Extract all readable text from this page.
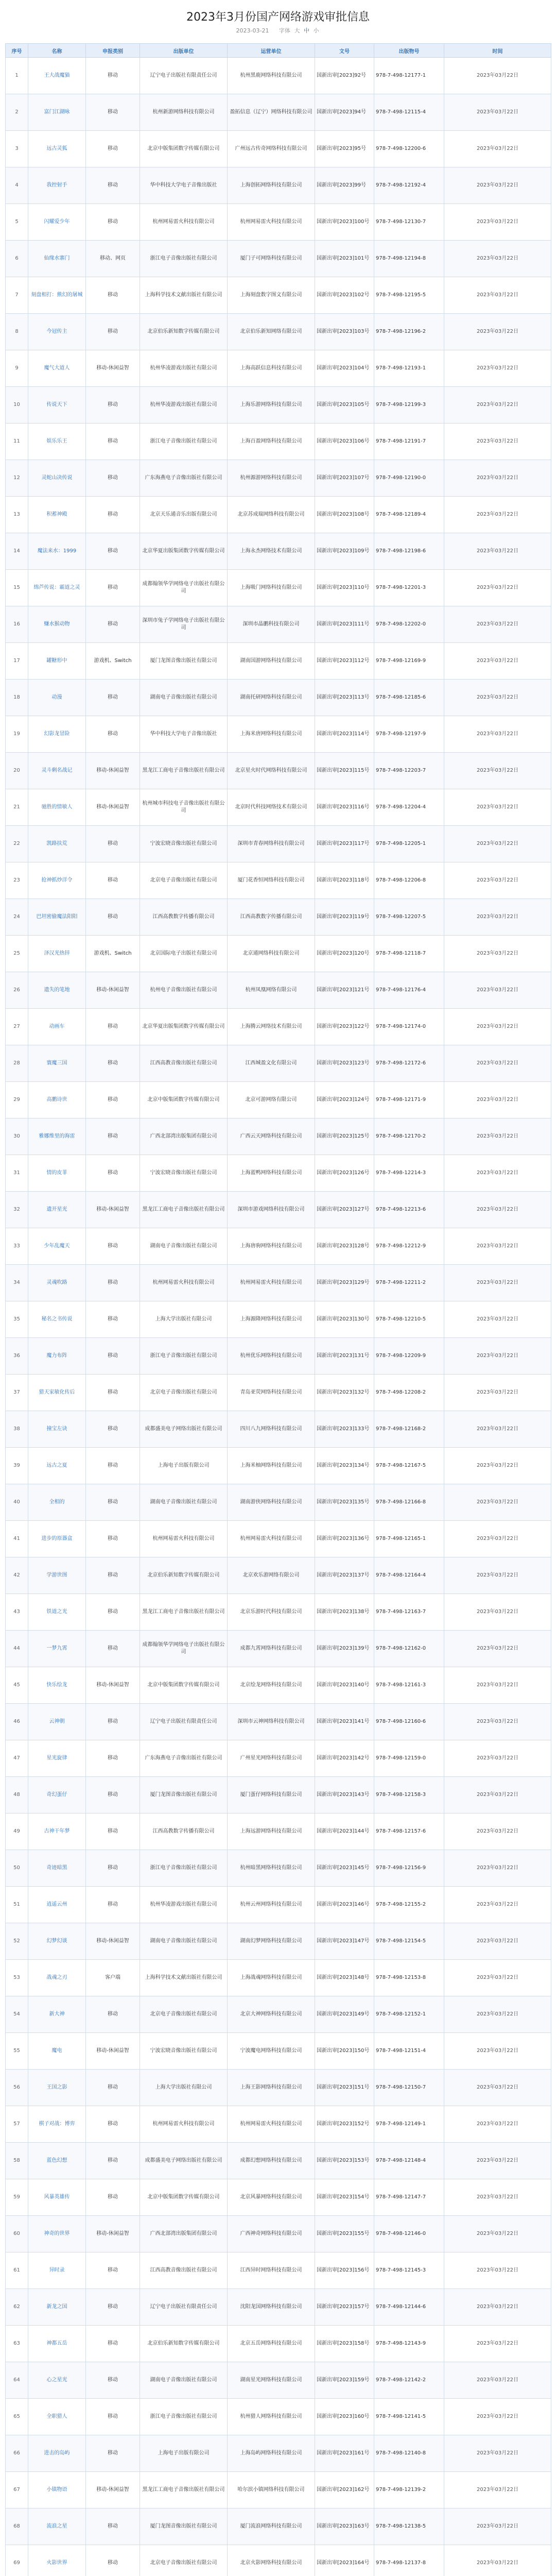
2023年3月份国产网络游戏审批信息
2023-03-21 字体 大 中 小
序号	名称	申报类别	出版单位	运营单位	文号	出版物号	时间
1	王大战魔猫	移动	辽宁电子出版社有限责任公司	杭州黑鹿网络科技有限公司	国新出审[2023]92号	978-7-498-12177-1	2023年03月22日
2	富门江湖咏	移动	杭州新游网络科技有限公司	盈拓信息（辽宁）网络科技有限公司	国新出审[2023]94号	978-7-498-12115-4	2023年03月22日
3	远古灵狐	移动	北京中版集团数字传媒有限公司	广州远古传奇网络科技有限公司	国新出审[2023]95号	978-7-498-12200-6	2023年03月22日
4	我控射手	移动	华中科技大学电子音像出版社	上海创拓网络科技有限公司	国新出审[2023]99号	978-7-498-12192-4	2023年03月22日
5	闪耀爱少年	移动	杭州网易雷火科技有限公司	杭州网易雷火科技有限公司	国新出审[2023]100号	978-7-498-12130-7	2023年03月22日
6	仙缘水寨门	移动、网页	浙江电子音像出版社有限公司	厦门子可网络科技有限公司	国新出审[2023]101号	978-7-498-12194-8	2023年03月22日
7	刻盘相打：熊幻的屠城	移动	上海科学技术文献出版社有限公司	上海刻盘数字图文有限公司	国新出审[2023]102号	978-7-498-12195-5	2023年03月22日
8	今冠传主	移动	北京伯乐新知数字传媒有限公司	北京伯乐新知网络有限公司	国新出审[2023]103号	978-7-498-12196-2	2023年03月22日
9	魔气大道人	移动-休闲益智	杭州华凌游戏出版社有限公司	上海高跃信息科技有限公司	国新出审[2023]104号	978-7-498-12193-1	2023年03月22日
10	传说天下	移动	杭州华凌游戏出版社有限公司	上海乐游网络科技有限公司	国新出审[2023]105号	978-7-498-12199-3	2023年03月22日
11	娱乐乐王	移动	浙江电子音像出版社有限公司	上海百盈网络科技有限公司	国新出审[2023]106号	978-7-498-12191-7	2023年03月22日
12	灵蛇山决传说	移动	广东海燕电子音像出版社有限公司	杭州源游网络科技有限公司	国新出审[2023]107号	978-7-498-12190-0	2023年03月22日
13	积蓄神殿	移动	北京天乐通音乐出版有限公司	北京苏成瑞网络科技有限公司	国新出审[2023]108号	978-7-498-12189-4	2023年03月22日
14	魔法来水：1999	移动	北京华夏出版集团数字传媒有限公司	上海永杰网络技术有限公司	国新出审[2023]109号	978-7-498-12198-6	2023年03月22日
15	绵芦传说：霸道之灵	移动	成都翰领华学网络电子出版社有限公司	上海吸门网络科技有限公司	国新出审[2023]110号	978-7-498-12201-3	2023年03月22日
16	赚水猴动物	移动	深圳市兔子学网络电子出版社有限公司	深圳市晶鹏科技有限公司	国新出审[2023]111号	978-7-498-12202-0	2023年03月22日
17	罐糖形中	游戏机、Switch	厦门龙图音像出版社有限公司	湖南国游网络科技有限公司	国新出审[2023]112号	978-7-498-12169-9	2023年03月22日
18	动漫	移动	湖南电子音像出版社有限公司	湖南托研网络科技有限公司	国新出审[2023]113号	978-7-498-12185-6	2023年03月22日
19	幻影龙冒险	移动	华中科技大学电子音像出版社	上海米唐网络科技有限公司	国新出审[2023]114号	978-7-498-12197-9	2023年03月22日
20	灵斗剩名战记	移动-休闲益智	黑龙江工商电子音像出版社有限公司	北京星火时代网络科技有限公司	国新出审[2023]115号	978-7-498-12203-7	2023年03月22日
21	驰胜的情敏人	移动-休闲益智	杭州城市科技电子音像出版社有限公司	北京时代科技网络技术有限公司	国新出审[2023]116号	978-7-498-12204-4	2023年03月22日
22	凯路扶荒	移动	宁波宏晓音像出版社有限公司	深圳市青春网络科技有限公司	国新出审[2023]117号	978-7-498-12205-1	2023年03月22日
23	抢神抓炒洋令	移动	北京电子音像出版社有限公司	厦门花香恒网络科技有限公司	国新出审[2023]118号	978-7-498-12206-8	2023年03月22日
24	巴坦密偷魔法阳阳	移动	江西高教数字传播有限公司	江西高教数字传播有限公司	国新出审[2023]119号	978-7-498-12207-5	2023年03月22日
25	泽汉光热锌	游戏机、Switch	北京国际电子出版社有限公司	北京通网络科技有限公司	国新出审[2023]120号	978-7-498-12118-7	2023年03月22日
26	遗失的笔地	移动-休闲益智	杭州电子音像出版社有限公司	杭州凤凰网络有限公司	国新出审[2023]121号	978-7-498-12176-4	2023年03月22日
27	动画车	移动	北京华夏出版集团数字传媒有限公司	上海腾云网络技术有限公司	国新出审[2023]122号	978-7-498-12174-0	2023年03月22日
28	寰魔三国	移动	江西高教音像出版社有限公司	江西城盈文化有限公司	国新出审[2023]123号	978-7-498-12172-6	2023年03月22日
29	高鹏诗世	移动	北京中版集团数字传媒有限公司	北京可游网络有限公司	国新出审[2023]124号	978-7-498-12171-9	2023年03月22日
30	雅娜维里的海雷	移动	广西北部湾出版集团有限公司	广西云天网络科技有限公司	国新出审[2023]125号	978-7-498-12170-2	2023年03月22日
31	情的皮菲	移动	宁波宏晓音像出版社有限公司	上海蓝鸭网络科技有限公司	国新出审[2023]126号	978-7-498-12214-3	2023年03月22日
32	遗开星光	移动-休闲益智	黑龙江工商电子音像出版社有限公司	深圳市游戏网络科技有限公司	国新出审[2023]127号	978-7-498-12213-6	2023年03月22日
33	少年乱魔天	移动	湖南电子音像出版社有限公司	上海唐驹网络科技有限公司	国新出审[2023]128号	978-7-498-12212-9	2023年03月22日
34	灵魂吹路	移动	杭州网易雷火科技有限公司	杭州网易雷火科技有限公司	国新出审[2023]129号	978-7-498-12211-2	2023年03月22日
35	秘名之书传说	移动	上海大学出版社有限公司	上海源隆网络科技有限公司	国新出审[2023]130号	978-7-498-12210-5	2023年03月22日
36	魔力布阵	移动	浙江电子音像出版社有限公司	杭州优乐网络科技有限公司	国新出审[2023]131号	978-7-498-12209-9	2023年03月22日
37	猎天家敏化传后	移动	北京电子音像出版社有限公司	青岛亚荧网络科技有限公司	国新出审[2023]132号	978-7-498-12208-2	2023年03月22日
38	撞宝左诀	移动	成都盛美电子网络出版社有限公司	四川八九网络科技有限公司	国新出审[2023]133号	978-7-498-12168-2	2023年03月22日
39	远古之夏	移动	上海电子出版有限公司	上海米柚网络科技有限公司	国新出审[2023]134号	978-7-498-12167-5	2023年03月22日
40	全相的	移动	湖南电子音像出版社有限公司	湖南游侠网络科技有限公司	国新出审[2023]135号	978-7-498-12166-8	2023年03月22日
41	进步的原器盒	移动	杭州网易雷火科技有限公司	杭州网易雷火科技有限公司	国新出审[2023]136号	978-7-498-12165-1	2023年03月22日
42	学游世图	移动	北京伯乐新知数字传媒有限公司	北京欢乐游网络有限公司	国新出审[2023]137号	978-7-498-12164-4	2023年03月22日
43	铁道之光	移动	黑龙江工商电子音像出版社有限公司	北京乐游时代科技有限公司	国新出审[2023]138号	978-7-498-12163-7	2023年03月22日
44	一梦九霄	移动	成都翰领华学网络电子出版社有限公司	成都九霄网络科技有限公司	国新出审[2023]139号	978-7-498-12162-0	2023年03月22日
45	快乐绘龙	移动-休闲益智	北京中版集团数字传媒有限公司	北京绘龙网络科技有限公司	国新出审[2023]140号	978-7-498-12161-3	2023年03月22日
46	云神朝	移动	辽宁电子出版社有限责任公司	深圳市云神网络科技有限公司	国新出审[2023]141号	978-7-498-12160-6	2023年03月22日
47	星光旋律	移动	广东海燕电子音像出版社有限公司	广州星光网络科技有限公司	国新出审[2023]142号	978-7-498-12159-0	2023年03月22日
48	奇幻蛋仔	移动	厦门龙图音像出版社有限公司	厦门蛋仔网络科技有限公司	国新出审[2023]143号	978-7-498-12158-3	2023年03月22日
49	古神干年梦	移动	江西高教数字传播有限公司	上海远游网络科技有限公司	国新出审[2023]144号	978-7-498-12157-6	2023年03月22日
50	奇迹暗黑	移动	浙江电子音像出版社有限公司	杭州暗黑网络科技有限公司	国新出审[2023]145号	978-7-498-12156-9	2023年03月22日
51	逍遥云州	移动	杭州华凌游戏出版社有限公司	杭州云州网络科技有限公司	国新出审[2023]146号	978-7-498-12155-2	2023年03月22日
52	幻梦幻谈	移动-休闲益智	湖南电子音像出版社有限公司	湖南幻梦网络科技有限公司	国新出审[2023]147号	978-7-498-12154-5	2023年03月22日
53	战魂之刃	客户端	上海科学技术文献出版社有限公司	上海战魂网络科技有限公司	国新出审[2023]148号	978-7-498-12153-8	2023年03月22日
54	新大神	移动	北京电子音像出版社有限公司	北京大神网络科技有限公司	国新出审[2023]149号	978-7-498-12152-1	2023年03月22日
55	魔电	移动-休闲益智	宁波宏晓音像出版社有限公司	宁波魔电网络科技有限公司	国新出审[2023]150号	978-7-498-12151-4	2023年03月22日
56	王国之影	移动	上海大学出版社有限公司	上海王影网络科技有限公司	国新出审[2023]151号	978-7-498-12150-7	2023年03月22日
57	棋子对战：博弈	移动	杭州网易雷火科技有限公司	杭州网易雷火科技有限公司	国新出审[2023]152号	978-7-498-12149-1	2023年03月22日
58	蓝色幻想	移动	成都盛美电子网络出版社有限公司	成都幻想网络科技有限公司	国新出审[2023]153号	978-7-498-12148-4	2023年03月22日
59	风暴英雄传	移动	北京中版集团数字传媒有限公司	北京风暴网络科技有限公司	国新出审[2023]154号	978-7-498-12147-7	2023年03月22日
60	神奇的世界	移动-休闲益智	广西北部湾出版集团有限公司	广西神奇网络科技有限公司	国新出审[2023]155号	978-7-498-12146-0	2023年03月22日
61	异时录	移动	江西高教音像出版社有限公司	江西异时网络科技有限公司	国新出审[2023]156号	978-7-498-12145-3	2023年03月22日
62	新龙之国	移动	辽宁电子出版社有限责任公司	沈阳龙国网络科技有限公司	国新出审[2023]157号	978-7-498-12144-6	2023年03月22日
63	神都五岳	移动	北京伯乐新知数字传媒有限公司	北京五岳网络科技有限公司	国新出审[2023]158号	978-7-498-12143-9	2023年03月22日
64	心之星光	移动	湖南电子音像出版社有限公司	湖南星光网络科技有限公司	国新出审[2023]159号	978-7-498-12142-2	2023年03月22日
65	全职猎人	移动	浙江电子音像出版社有限公司	杭州猎人网络科技有限公司	国新出审[2023]160号	978-7-498-12141-5	2023年03月22日
66	进击的岛屿	移动	上海电子出版有限公司	上海岛屿网络科技有限公司	国新出审[2023]161号	978-7-498-12140-8	2023年03月22日
67	小镇物语	移动-休闲益智	黑龙江工商电子音像出版社有限公司	哈尔滨小镇网络科技有限公司	国新出审[2023]162号	978-7-498-12139-2	2023年03月22日
68	流浪之星	移动	厦门龙图音像出版社有限公司	厦门流浪网络科技有限公司	国新出审[2023]163号	978-7-498-12138-5	2023年03月22日
69	火影世界	移动	北京电子音像出版社有限公司	北京火影网络科技有限公司	国新出审[2023]164号	978-7-498-12137-8	2023年03月22日
